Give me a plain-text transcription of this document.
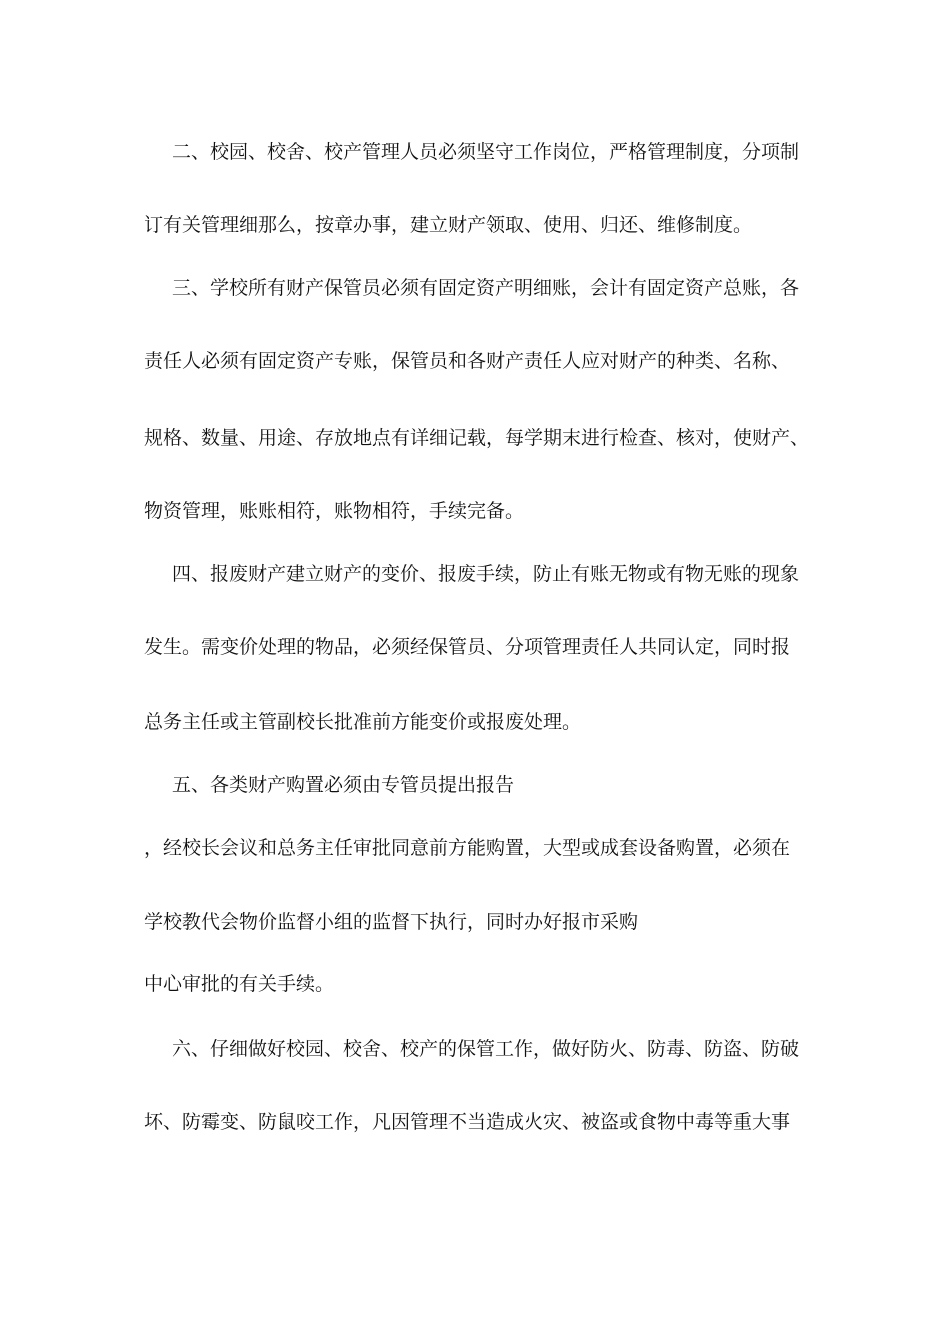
二、校园、校舍、校产管理人员必须坚守工作岗位，严格管理制度，分项制
订有关管理细那么，按章办事，建立财产领取、使用、归还、维修制度。
三、学校所有财产保管员必须有固定资产明细账，会计有固定资产总账，各
责任人必须有固定资产专账，保管员和各财产责任人应对财产的种类、名称、
规格、数量、用途、存放地点有详细记载，每学期末进行检查、核对，使财产、
物资管理，账账相符，账物相符，手续完备。
四、报废财产建立财产的变价、报废手续，防止有账无物或有物无账的现象
发生。需变价处理的物品，必须经保管员、分项管理责任人共同认定，同时报
总务主任或主管副校长批准前方能变价或报废处理。
五、各类财产购置必须由专管员提出报告
，经校长会议和总务主任审批同意前方能购置，大型或成套设备购置，必须在
学校教代会物价监督小组的监督下执行，同时办好报市采购
中心审批的有关手续。
六、仔细做好校园、校舍、校产的保管工作，做好防火、防毒、防盗、防破
坏、防霉变、防鼠咬工作，凡因管理不当造成火灾、被盗或食物中毒等重大事
